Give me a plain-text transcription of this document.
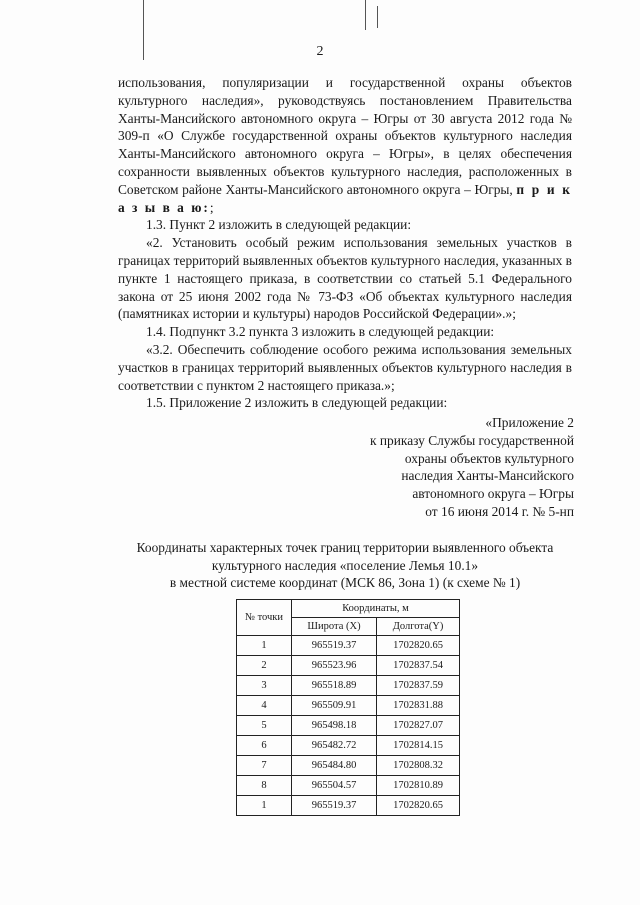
2

использования, популяризации и государственной охраны объектов культурного наследия», руководствуясь постановлением Правительства Ханты-Мансийского автономного округа – Югры от 30 августа 2012 года № 309-п «О Службе государственной охраны объектов культурного наследия Ханты-Мансийского автономного округа – Югры», в целях обеспечения сохранности выявленных объектов культурного наследия, расположенных в Советском районе Ханты-Мансийского автономного округа – Югры, п р и к а з ы в а ю:;

1.3. Пункт 2 изложить в следующей редакции:

«2. Установить особый режим использования земельных участков в границах территорий выявленных объектов культурного наследия, указанных в пункте 1 настоящего приказа, в соответствии со статьей 5.1 Федерального закона от 25 июня 2002 года № 73-ФЗ «Об объектах культурного наследия (памятниках истории и культуры) народов Российской Федерации».»;

1.4. Подпункт 3.2 пункта 3 изложить в следующей редакции:

«3.2. Обеспечить соблюдение особого режима использования земельных участков в границах территорий выявленных объектов культурного наследия в соответствии с пунктом 2 настоящего приказа.»;

1.5. Приложение 2 изложить в следующей редакции:

«Приложение 2
к приказу Службы государственной
охраны объектов культурного
наследия Ханты-Мансийского
автономного округа – Югры
от 16 июня 2014 г. № 5-нп
Координаты характерных точек границ территории выявленного объекта
культурного наследия «поселение Лемья 10.1»
в местной системе координат (МСК 86, Зона 1) (к схеме № 1)
№ точки	Координаты, м	
	Широта (X)	Долгота(Y)
1	965519.37	1702820.65
2	965523.96	1702837.54
3	965518.89	1702837.59
4	965509.91	1702831.88
5	965498.18	1702827.07
6	965482.72	1702814.15
7	965484.80	1702808.32
8	965504.57	1702810.89
1	965519.37	1702820.65
